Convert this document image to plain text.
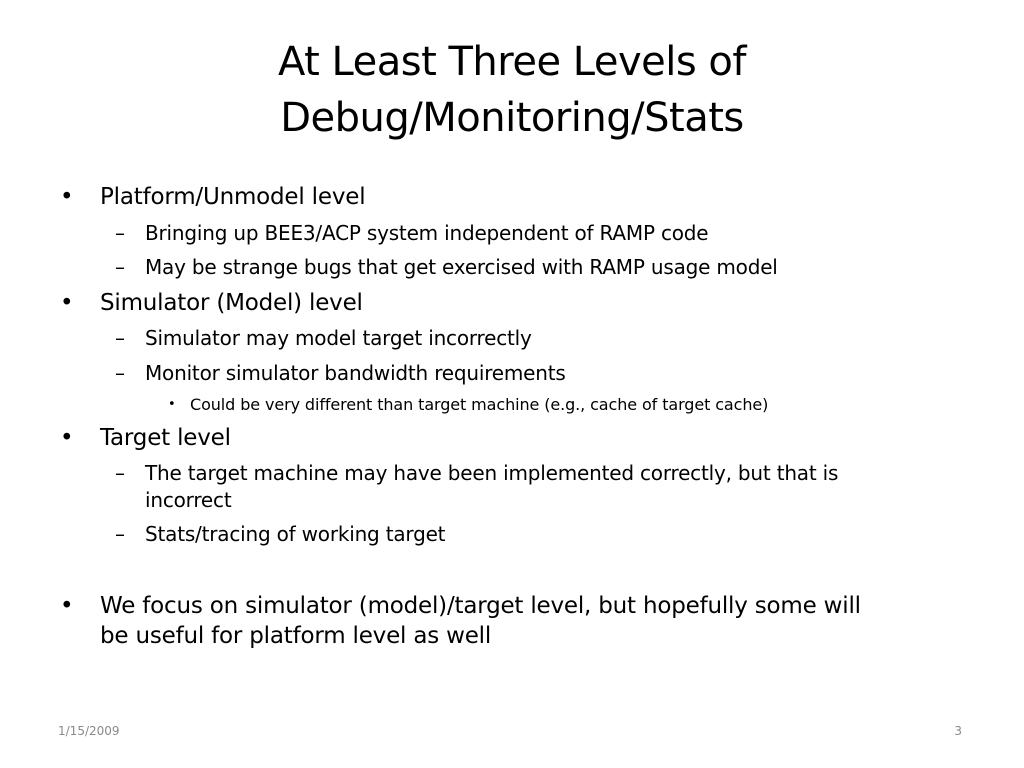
At Least Three Levels of
Debug/Monitoring/Stats
• Platform/Unmodel level
– Bringing up BEE3/ACP system independent of RAMP code
– May be strange bugs that get exercised with RAMP usage model
• Simulator (Model) level
– Simulator may model target incorrectly
– Monitor simulator bandwidth requirements
• Could be very different than target machine (e.g., cache of target cache)
• Target level
– The target machine may have been implemented correctly, but that is
incorrect
– Stats/tracing of working target
• We focus on simulator (model)/target level, but hopefully some will
be useful for platform level as well
1/15/2009	3
